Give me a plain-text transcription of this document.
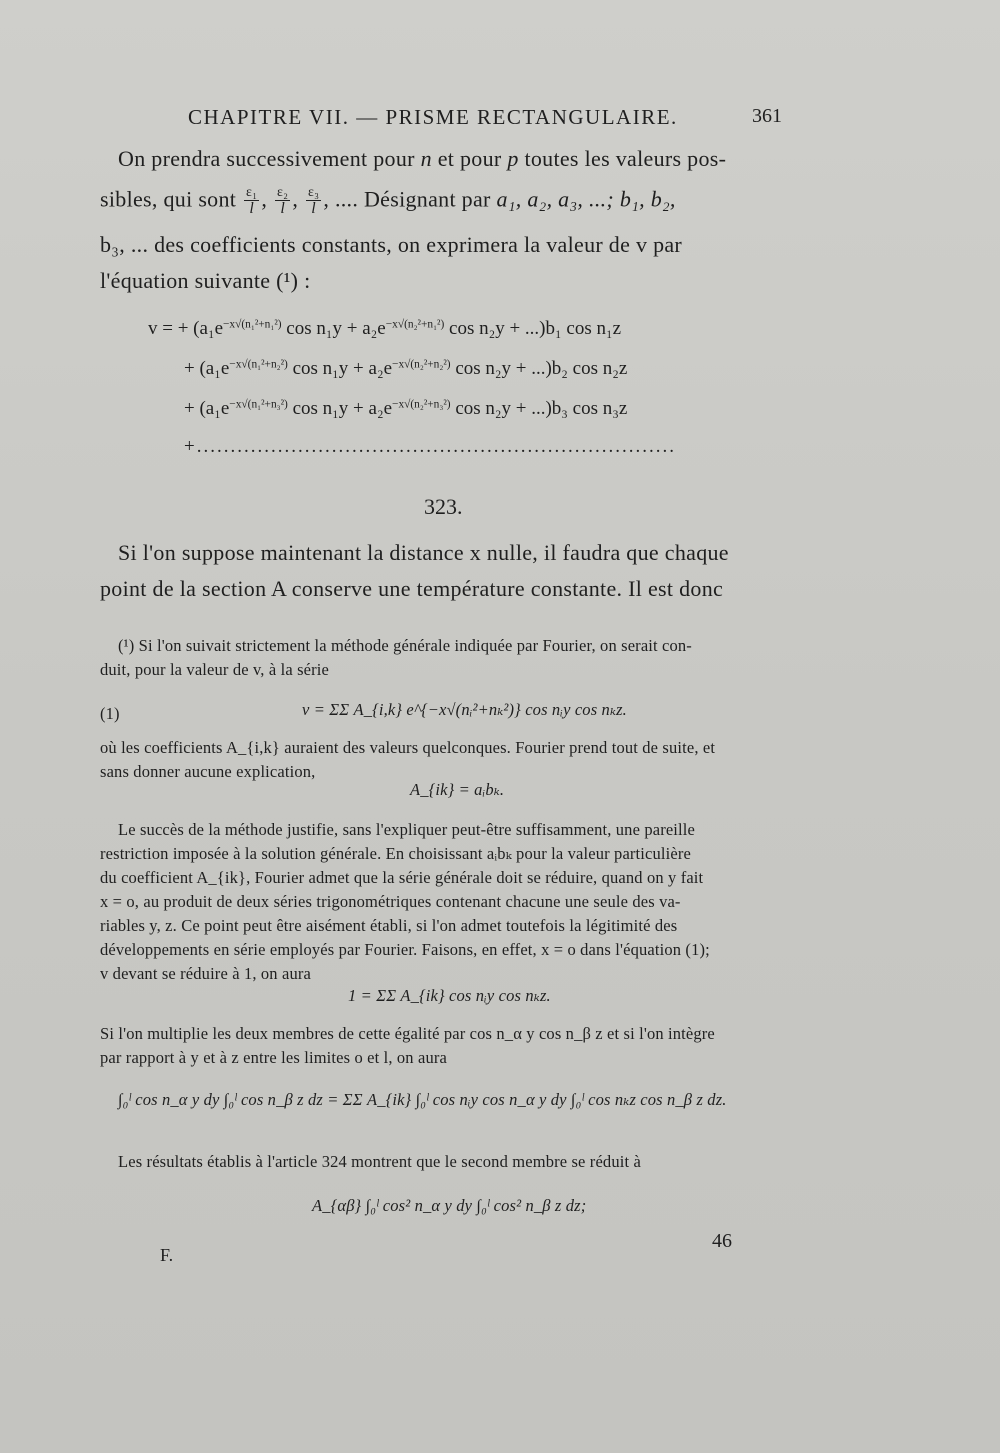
CHAPITRE VII. — PRISME RECTANGULAIRE.	361
On prendra successivement pour n et pour p toutes les valeurs pos-
sibles, qui sont $\frac{\text{ε₁}}{l}$ , $\frac{\text{ε₂}}{l}$ , $\frac{\text{ε₃}}{l}$ , .... Désignant par a₁, a₂, a₃, ...; b₁, b₂,
b₃, ... des coefficients constants, on exprimera la valeur de v par
l'équation suivante (¹) :
v = + ($a_1e^{-x√(n_1^2+n_1^2)}$ $\cos n_1y + a_2e^{-x√(n_2^2+n_1^2)}$ cos n₂y + ...)b₁ cos n₁z
+ ($a_1e^{-x√(n_1^2+n_2^2)}$ $\cos n_1y + a_2e^{-x√(n_2^2+n_2^2)}$ cos n₂y + ...)b₂ cos n₂z
+ ($a_1e^{-x√(n_1^2+n_3^2)}$ $\cos n_1y + a_2e^{-x√(n_2^2+n_3^2)}$ cos n₂y + ...)b₃ cos n₃z
+.......................................................................
323.
Si l'on suppose maintenant la distance x nulle, il faudra que chaque
point de la section A conserve une température constante. Il est donc
(¹) Si l'on suivait strictement la méthode générale indiquée par Fourier, on serait con-
duit, pour la valeur de v, à la série
(1)	v = ΣΣ A_{i,k} e^{−x√(nᵢ²+nₖ²)} cos nᵢy cos nₖz.
où les coefficients A_{i,k} auraient des valeurs quelconques. Fourier prend tout de suite, et
sans donner aucune explication,
A_{ik} = aᵢbₖ.
Le succès de la méthode justifie, sans l'expliquer peut-être suffisamment, une pareille
restriction imposée à la solution générale. En choisissant aᵢbₖ pour la valeur particulière
du coefficient A_{ik}, Fourier admet que la série générale doit se réduire, quand on y fait
x = o, au produit de deux séries trigonométriques contenant chacune une seule des va-
riables y, z. Ce point peut être aisément établi, si l'on admet toutefois la légitimité des
développements en série employés par Fourier. Faisons, en effet, x = o dans l'équation (1);
v devant se réduire à 1, on aura
1 = ΣΣ A_{ik} cos nᵢy cos nₖz.
Si l'on multiplie les deux membres de cette égalité par cos n_α y cos n_β z et si l'on intègre
par rapport à y et à z entre les limites o et l, on aura
∫₀ˡ cos n_α y dy ∫₀ˡ cos n_β z dz = ΣΣ A_{ik} ∫₀ˡ cos nᵢy cos n_α y dy ∫₀ˡ cos nₖz cos n_β z dz.
Les résultats établis à l'article 324 montrent que le second membre se réduit à
A_{αβ} ∫₀ˡ cos² n_α y dy ∫₀ˡ cos² n_β z dz;
F.
46
